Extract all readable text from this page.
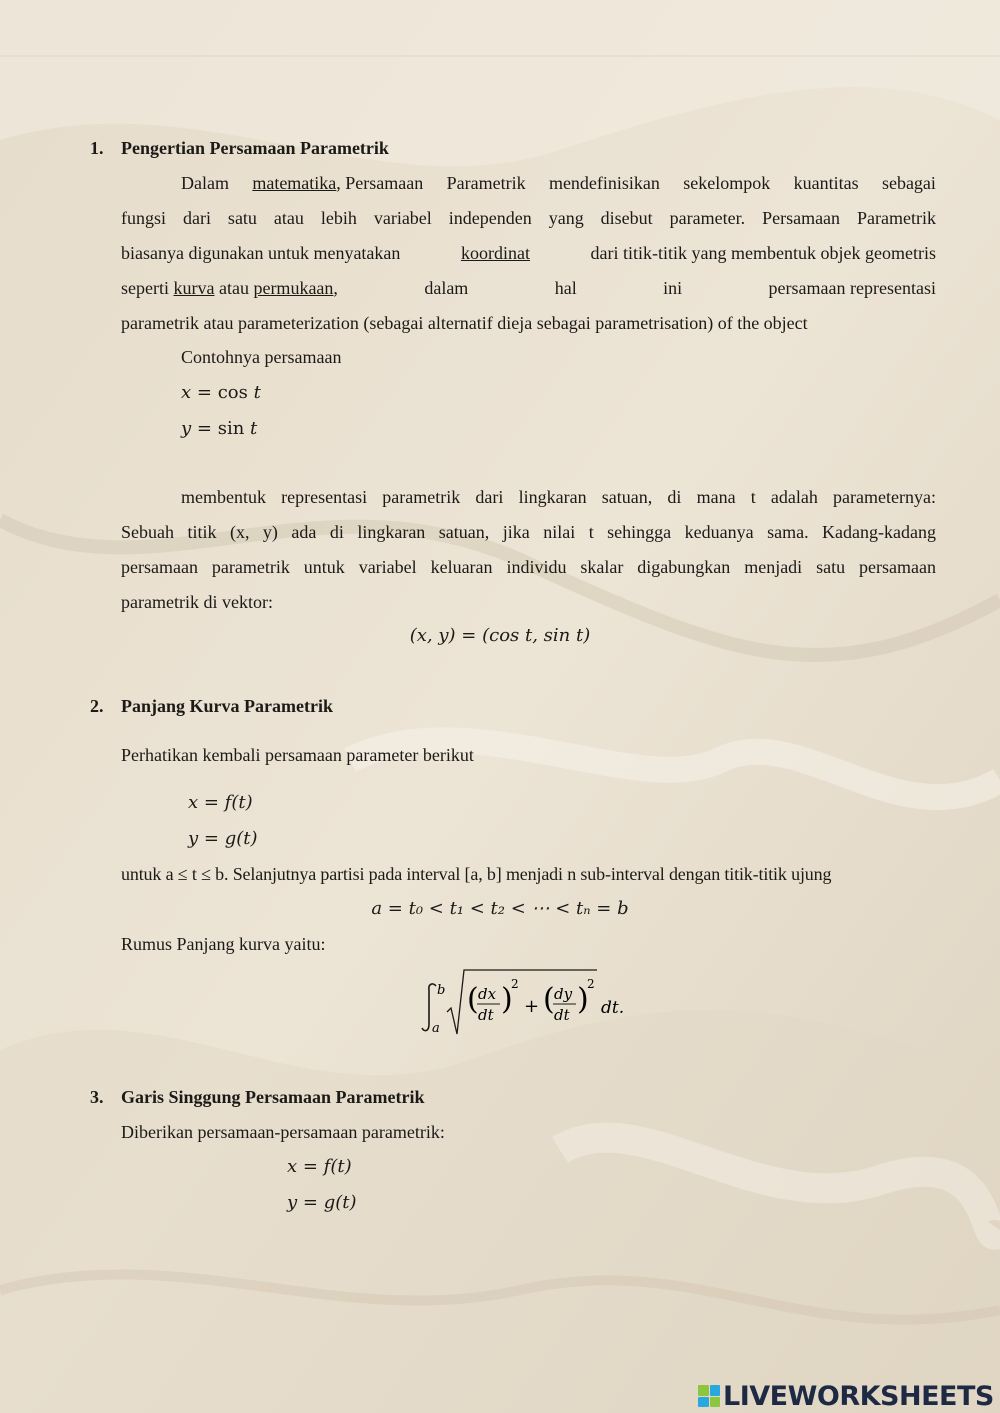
1. Pengertian Persamaan Parametrik
Dalam matematika, Persamaan Parametrik mendefinisikan sekelompok kuantitas sebagai
fungsi dari satu atau lebih variabel independen yang disebut parameter. Persamaan Parametrik
biasanya digunakan untuk menyatakan	koordinat	dari titik-titik yang membentuk objek geometris
seperti kurva atau permukaan,	dalam	hal	ini	persamaan representasi
parametrik atau parameterization (sebagai alternatif dieja sebagai parametrisation) of the object
Contohnya persamaan
x = cos t
y = sin t
membentuk representasi parametrik dari lingkaran satuan, di mana t adalah parameternya:
Sebuah titik (x, y) ada di lingkaran satuan, jika nilai t sehingga keduanya sama. Kadang-kadang
persamaan parametrik untuk variabel keluaran individu skalar digabungkan menjadi satu persamaan
parametrik di vektor:
(x, y) = (cos t, sin t)
2. Panjang Kurva Parametrik
Perhatikan kembali persamaan parameter berikut
x = f(t)
y = g(t)
untuk a ≤ t ≤ b. Selanjutnya partisi pada interval [a, b] menjadi n sub-interval dengan titik-titik ujung
a = t₀ < t₁ < t₂ < ⋯ < tₙ = b
Rumus Panjang kurva yaitu:
b
a
( dx
dt )
2
+ ( dy
dt )
2
dt.
3. Garis Singgung Persamaan Parametrik
Diberikan persamaan-persamaan parametrik:
x = f(t)
y = g(t)
LIVEWORKSHEETS
